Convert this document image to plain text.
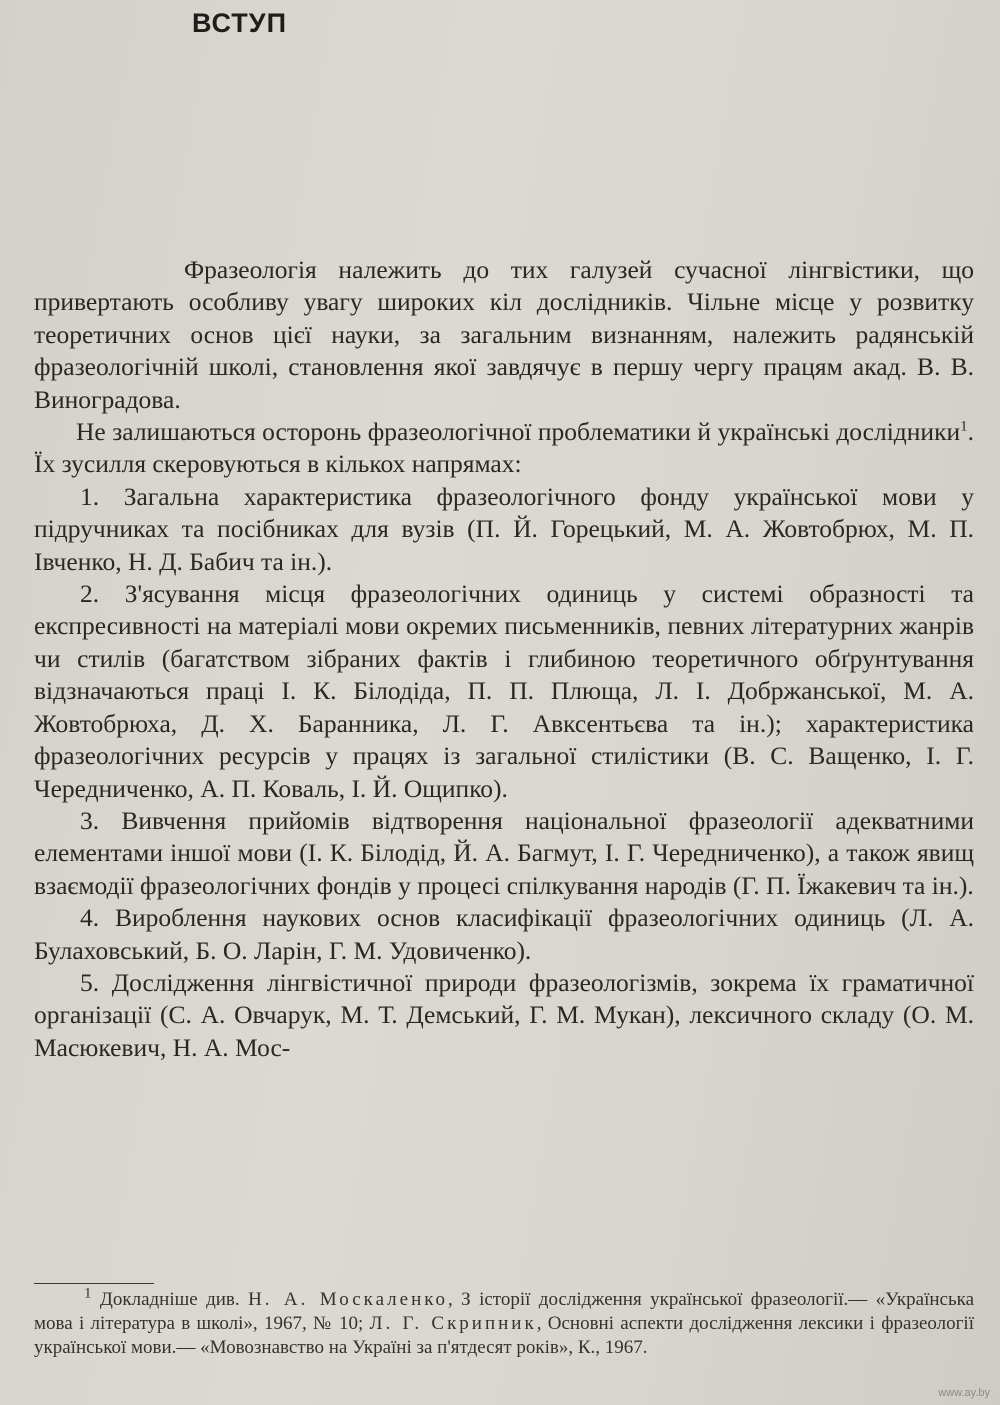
ВСТУП

Фразеологія належить до тих галузей сучасної лінгвістики, що привертають особливу увагу широких кіл дослідників. Чільне місце у розвитку теоретичних основ цієї науки, за загальним визнанням, належить радянській фразеологічній школі, становлення якої завдячує в першу чергу працям акад. В. В. Виноградова.

Не залишаються осторонь фразеологічної проблематики й українські дослідники$^1$. Їх зусилля скеровуються в кількох напрямах:

1. Загальна характеристика фразеологічного фонду української мови у підручниках та посібниках для вузів (П. Й. Горецький, М. А. Жовтобрюх, М. П. Івченко, Н. Д. Бабич та ін.).

2. З'ясування місця фразеологічних одиниць у системі образності та експресивності на матеріалі мови окремих письменників, певних літературних жанрів чи стилів (багатством зібраних фактів і глибиною теоретичного обґрунтування відзначаються праці І. К. Білодіда, П. П. Плюща, Л. І. Добржанської, М. А. Жовтобрюха, Д. Х. Баранника, Л. Г. Авксентьєва та ін.); характеристика фразеологічних ресурсів у працях із загальної стилістики (В. С. Ващенко, І. Г. Чередниченко, А. П. Коваль, І. Й. Ощипко).

3. Вивчення прийомів відтворення національної фразеології адекватними елементами іншої мови (І. К. Білодід, Й. А. Багмут, І. Г. Чередниченко), а також явищ взаємодії фразеологічних фондів у процесі спілкування народів (Г. П. Їжакевич та ін.).

4. Вироблення наукових основ класифікації фразеологічних одиниць (Л. А. Булаховський, Б. О. Ларін, Г. М. Удовиченко).

5. Дослідження лінгвістичної природи фразеологізмів, зокрема їх граматичної організації (С. А. Овчарук, М. Т. Демський, Г. М. Мукан), лексичного складу (О. М. Масюкевич, Н. А. Мос-

$^1$ Докладніше див. Н. А. Москаленко, З історії дослідження української фразеології.— «Українська мова і література в школі», 1967, № 10; Л. Г. Скрипник, Основні аспекти дослідження лексики і фразеології української мови.— «Мовознавство на Україні за п'ятдесят років», К., 1967.

www.ay.by
